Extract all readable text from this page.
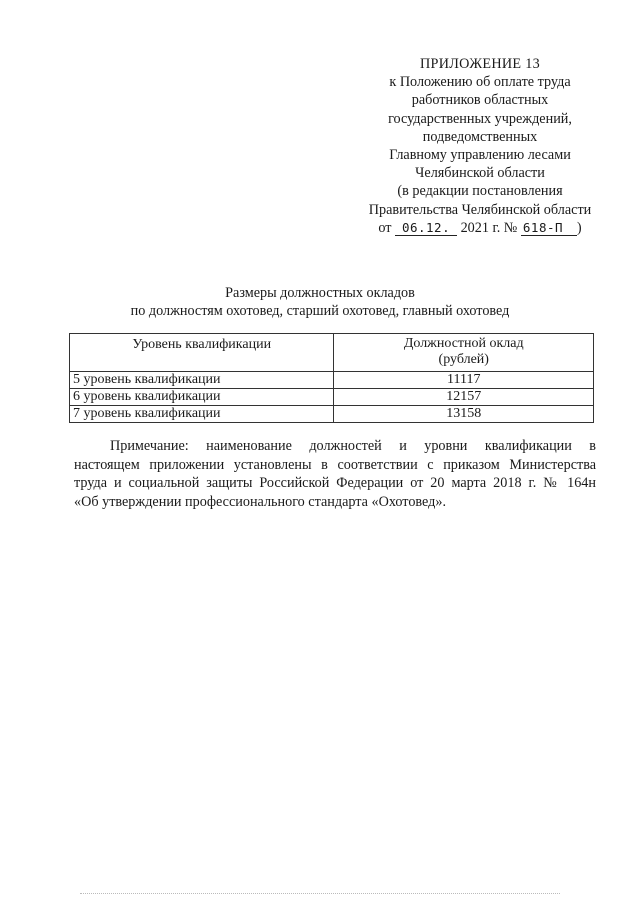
ПРИЛОЖЕНИЕ 13
к Положению об оплате труда
работников областных
государственных учреждений,
подведомственных
Главному управлению лесами
Челябинской области
(в редакции постановления
Правительства Челябинской области
от 06.12. 2021 г. № 618-П )
Размеры должностных окладов
по должностям охотовед, старший охотовед, главный охотовед
Уровень квалификации	Должностной оклад
(рублей)

5 уровень квалификации	11117
6 уровень квалификации	12157
7 уровень квалификации	13158
Примечание: наименование должностей и уровни квалификации в
настоящем приложении установлены в соответствии с приказом Министерства
труда и социальной защиты Российской Федерации от 20 марта 2018 г. № 164н
«Об утверждении профессионального стандарта «Охотовед».
